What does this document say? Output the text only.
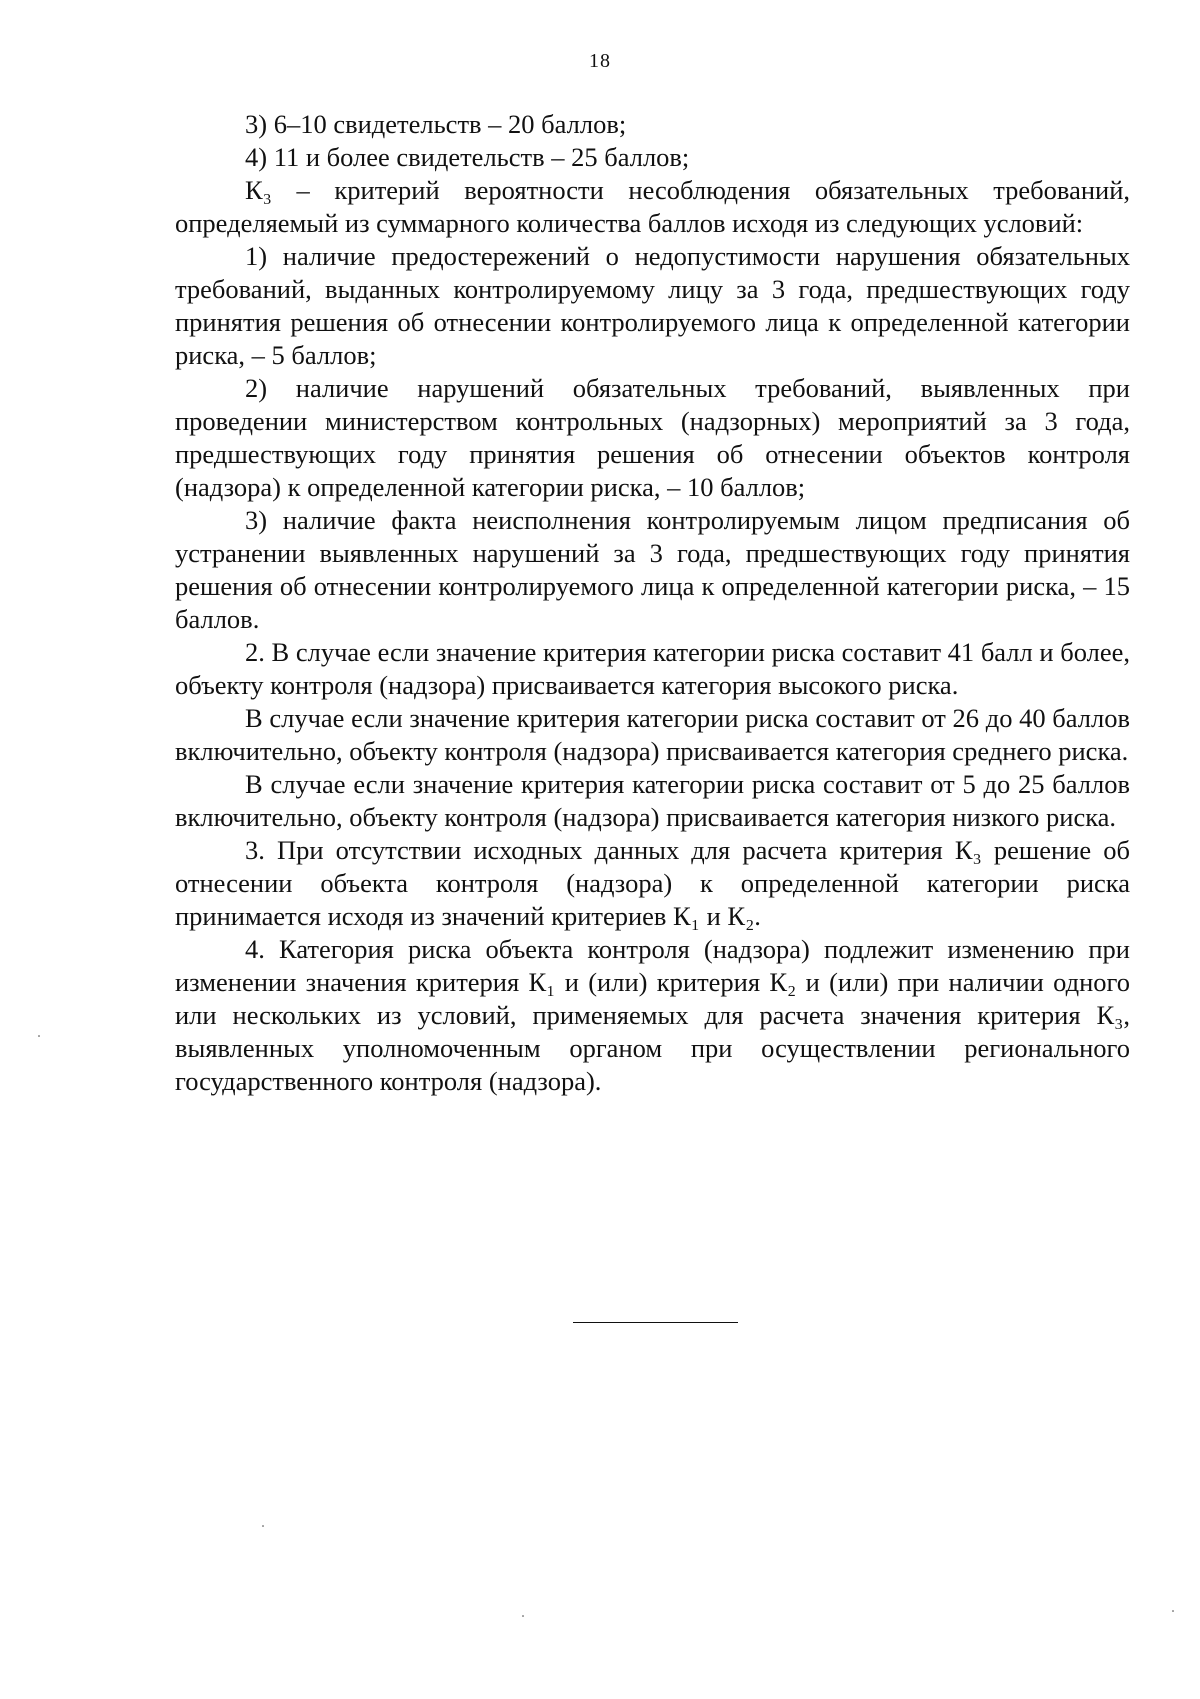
18

3) 6–10 свидетельств – 20 баллов;

4) 11 и более свидетельств – 25 баллов;

К₃ – критерий вероятности несоблюдения обязательных требований, определяемый из суммарного количества баллов исходя из следующих условий:

1) наличие предостережений о недопустимости нарушения обязательных требований, выданных контролируемому лицу за 3 года, предшествующих году принятия решения об отнесении контролируемого лица к определенной категории риска, – 5 баллов;

2) наличие нарушений обязательных требований, выявленных при проведении министерством контрольных (надзорных) мероприятий за 3 года, предшествующих году принятия решения об отнесении объектов контроля (надзора) к определенной категории риска, – 10 баллов;

3) наличие факта неисполнения контролируемым лицом предписания об устранении выявленных нарушений за 3 года, предшествующих году принятия решения об отнесении контролируемого лица к определенной категории риска, – 15 баллов.

2. В случае если значение критерия категории риска составит 41 балл и более, объекту контроля (надзора) присваивается категория высокого риска.

В случае если значение критерия категории риска составит от 26 до 40 баллов включительно, объекту контроля (надзора) присваивается категория среднего риска.

В случае если значение критерия категории риска составит от 5 до 25 баллов включительно, объекту контроля (надзора) присваивается категория низкого риска.

3. При отсутствии исходных данных для расчета критерия К₃ решение об отнесении объекта контроля (надзора) к определенной категории риска принимается исходя из значений критериев К₁ и К₂.

4. Категория риска объекта контроля (надзора) подлежит изменению при изменении значения критерия К₁ и (или) критерия К₂ и (или) при наличии одного или нескольких из условий, применяемых для расчета значения критерия К₃, выявленных уполномоченным органом при осуществлении регионального государственного контроля (надзора).
